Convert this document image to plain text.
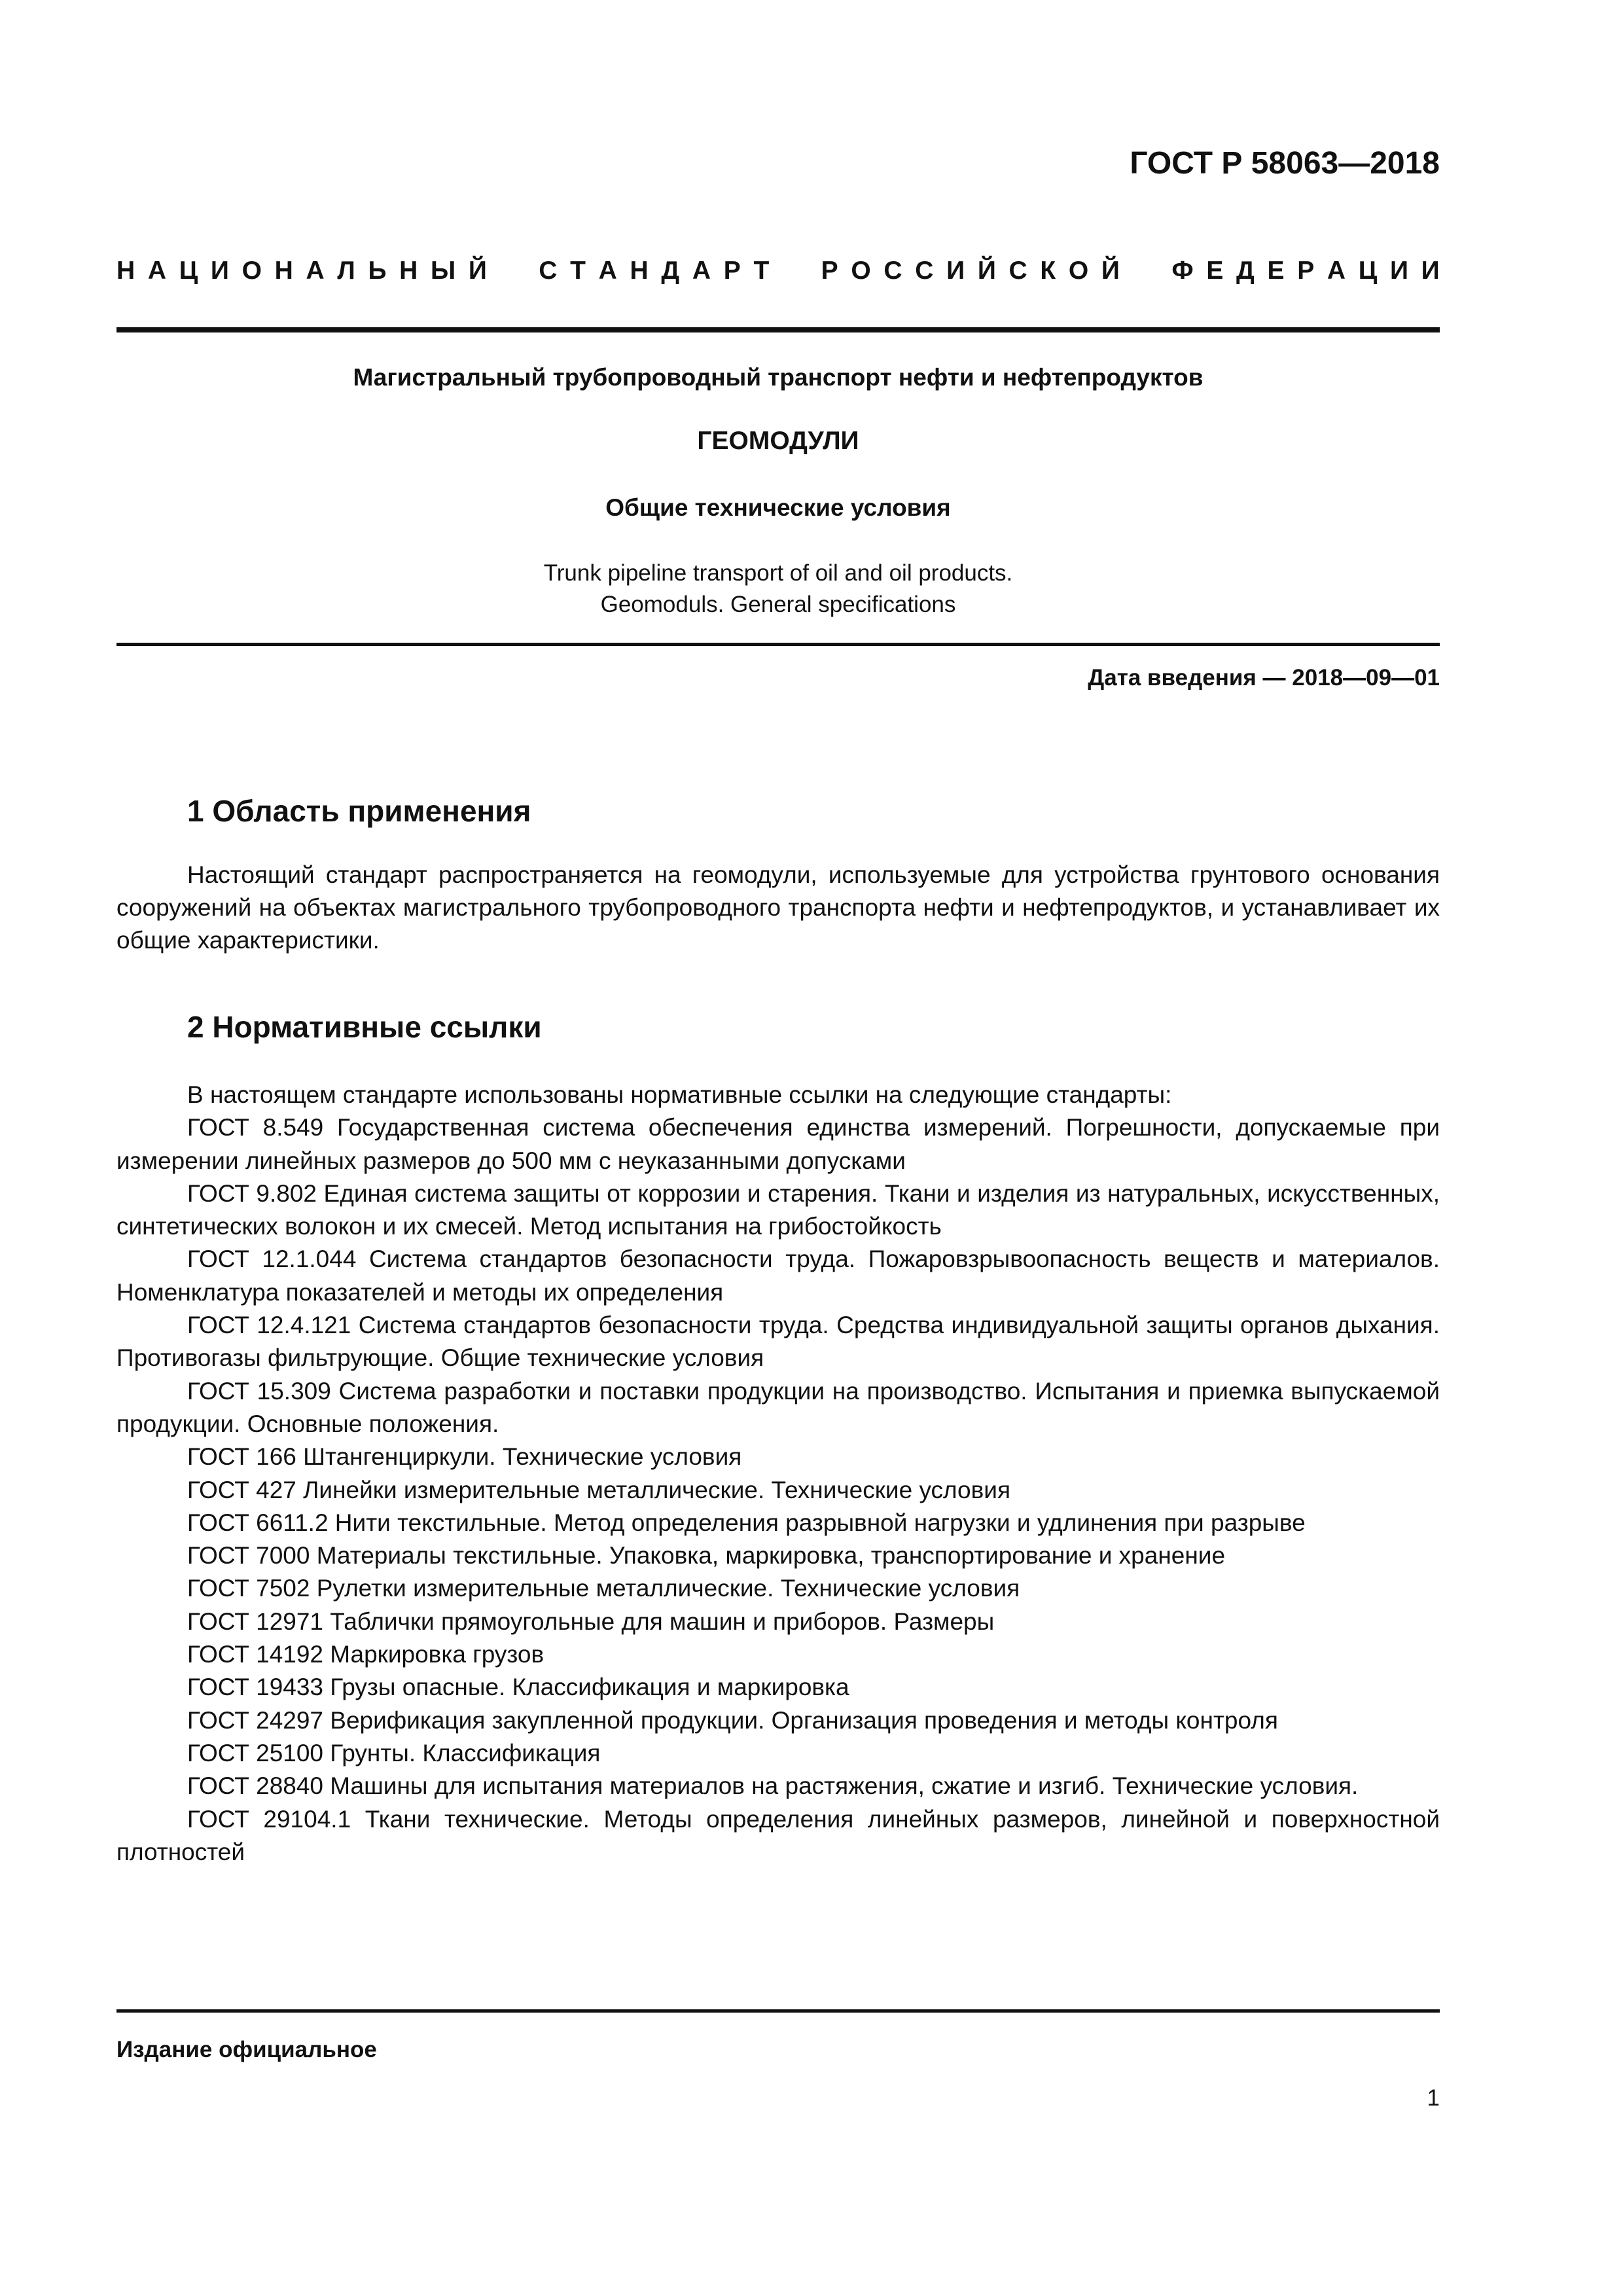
ГОСТ Р 58063—2018
Н А Ц И О Н А Л Ь Н Ы Й С Т А Н Д А Р Т Р О С С И Й С К О Й Ф Е Д Е Р А Ц И И
Магистральный трубопроводный транспорт нефти и нефтепродуктов
ГЕОМОДУЛИ
Общие технические условия
Trunk pipeline transport of oil and oil products.
Geomoduls. General specifications
Дата введения — 2018—09—01
1 Область применения
Настоящий стандарт распространяется на геомодули, используемые для устройства грунтового основания сооружений на объектах магистрального трубопроводного транспорта нефти и нефтепродуктов, и устанавливает их общие характеристики.
2 Нормативные ссылки

В настоящем стандарте использованы нормативные ссылки на следующие стандарты:

ГОСТ 8.549 Государственная система обеспечения единства измерений. Погрешности, допускаемые при измерении линейных размеров до 500 мм с неуказанными допусками

ГОСТ 9.802 Единая система защиты от коррозии и старения. Ткани и изделия из натуральных, искусственных, синтетических волокон и их смесей. Метод испытания на грибостойкость

ГОСТ 12.1.044 Система стандартов безопасности труда. Пожаровзрывоопасность веществ и материалов. Номенклатура показателей и методы их определения

ГОСТ 12.4.121 Система стандартов безопасности труда. Средства индивидуальной защиты органов дыхания. Противогазы фильтрующие. Общие технические условия

ГОСТ 15.309 Система разработки и поставки продукции на производство. Испытания и приемка выпускаемой продукции. Основные положения.

ГОСТ 166 Штангенциркули. Технические условия

ГОСТ 427 Линейки измерительные металлические. Технические условия

ГОСТ 6611.2 Нити текстильные. Метод определения разрывной нагрузки и удлинения при разрыве

ГОСТ 7000 Материалы текстильные. Упаковка, маркировка, транспортирование и хранение

ГОСТ 7502 Рулетки измерительные металлические. Технические условия

ГОСТ 12971 Таблички прямоугольные для машин и приборов. Размеры

ГОСТ 14192 Маркировка грузов

ГОСТ 19433 Грузы опасные. Классификация и маркировка

ГОСТ 24297 Верификация закупленной продукции. Организация проведения и методы контроля

ГОСТ 25100 Грунты. Классификация

ГОСТ 28840 Машины для испытания материалов на растяжения, сжатие и изгиб. Технические условия.

ГОСТ 29104.1 Ткани технические. Методы определения линейных размеров, линейной и поверхностной плотностей

Издание официальное
1
